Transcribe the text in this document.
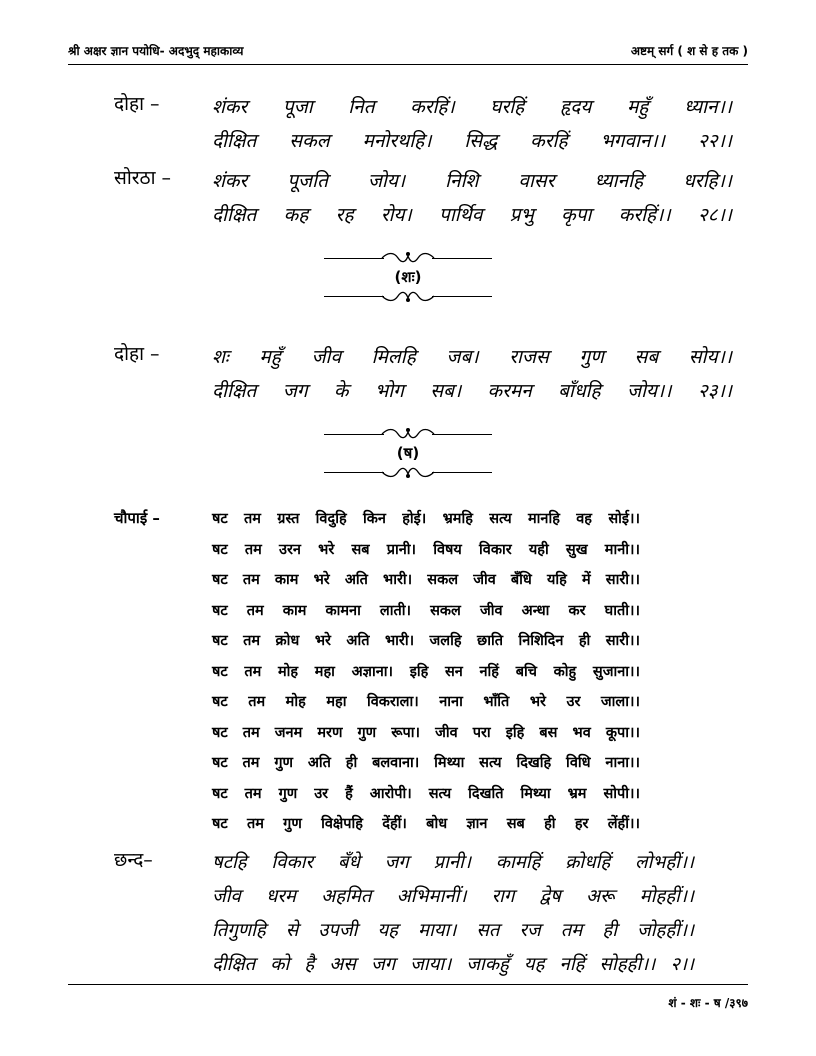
श्री अक्षर ज्ञान पयोधि- अदभुद् महाकाव्य	अष्टम् सर्ग ( श से ह तक )
दोहा –	शंकर पूजा नित करहिं। घरहिं हृदय महुँ ध्यान।।
दीक्षित सकल मनोरथहि। सिद्ध करहिं भगवान।। २२।।
सोरठा – शंकर पूजति जोय। निशि वासर ध्यानहि धरहि।।
दीक्षित कह रह रोय। पार्थिव प्रभु कृपा करहिं।। २८।।
(शः)
दोहा –	शः महुँ जीव मिलहि जब। राजस गुण सब सोय।।
दीक्षित जग के भोग सब। करमन बाँधहि जोय।। २३।।
(ष)
चौपाई –	षट तम ग्रस्त विदुहि किन होई। भ्रमहि सत्य मानहि वह सोई।।
षट तम उरन भरे सब प्रानी। विषय विकार यही सुख मानी।।
षट तम काम भरे अति भारी। सकल जीव बँधि यहि में सारी।।
षट तम काम कामना लाती। सकल जीव अन्धा कर घाती।।
षट तम क्रोध भरे अति भारी। जलहि छाति निशिदिन ही सारी।।
षट तम मोह महा अज्ञाना। इहि सन नहिं बचि कोहु सुजाना।।
षट तम मोह महा विकराला। नाना भाँति भरे उर जाला।।
षट तम जनम मरण गुण रूपा। जीव परा इहि बस भव कूपा।।
षट तम गुण अति ही बलवाना। मिथ्या सत्य दिखहि विधि नाना।।
षट तम गुण उर हैं आरोपी। सत्य दिखति मिथ्या भ्रम सोपी।।
षट तम गुण विक्षेपहि देंहीं। बोध ज्ञान सब ही हर लेंहीं।।
छन्द–	षटहि विकार बँधे जग प्रानी। कामहिं क्रोधहिं लोभहीं।।
जीव धरम अहमित अभिमानीं। राग द्वेष अरू मोहहीं।।
तिगुणहि से उपजी यह माया। सत रज तम ही जोहहीं।।
दीक्षित को है अस जग जाया। जाकहुँ यह नहिं सोहही।। २।।
शं - शः - ष /३९७
